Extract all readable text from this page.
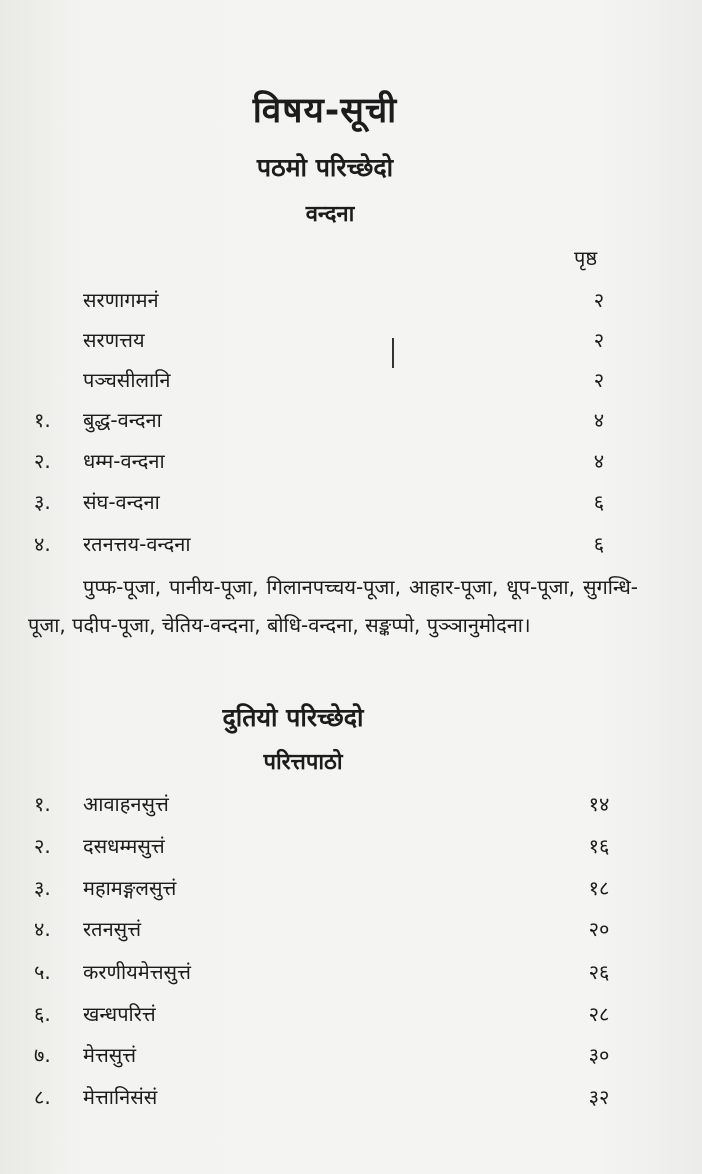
विषय-सूची
पठमो परिच्छेदो
वन्दना
पृष्ठ
सरणागमनं	२
सरणत्तय	२
पञ्चसीलानि	२
१. बुद्ध-वन्दना	४
२. धम्म-वन्दना	४
३. संघ-वन्दना	६
४. रतनत्तय-वन्दना	६
पुप्फ-पूजा, पानीय-पूजा, गिलानपच्चय-पूजा, आहार-पूजा, धूप-पूजा, सुगन्धि-पूजा, पदीप-पूजा, चेतिय-वन्दना, बोधि-वन्दना, सङ्कप्पो, पुञ्ञानुमोदना।
दुतियो परिच्छेदो
परित्तपाठो
१. आवाहनसुत्तं	१४
२. दसधम्मसुत्तं	१६
३. महामङ्गलसुत्तं	१८
४. रतनसुत्तं	२०
५. करणीयमेत्तसुत्तं	२६
६. खन्धपरित्तं	२८
७. मेत्तसुत्तं	३०
८. मेत्तानिसंसं	३२
